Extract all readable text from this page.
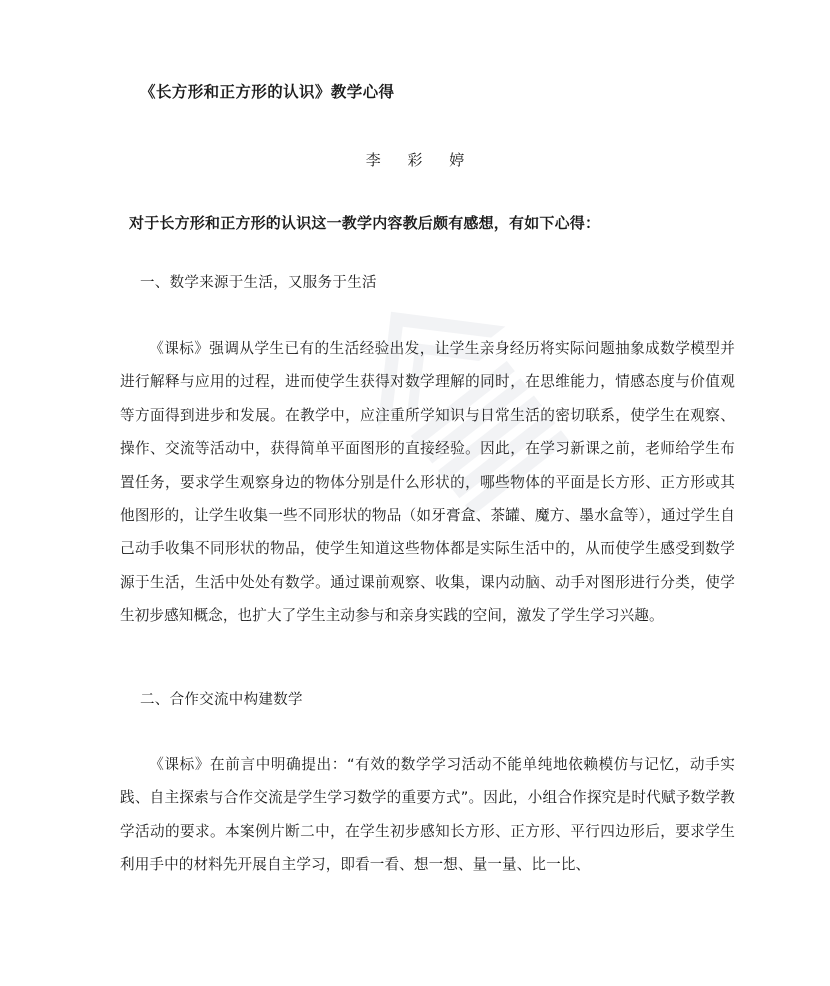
《长方形和正方形的认识》教学心得
李 彩 婷
对于长方形和正方形的认识这一教学内容教后颇有感想，有如下心得：
一、数学来源于生活，又服务于生活
《课标》强调从学生已有的生活经验出发，让学生亲身经历将实际问题抽象成数学模型并进行解释与应用的过程，进而使学生获得对数学理解的同时，在思维能力，情感态度与价值观等方面得到进步和发展。在教学中，应注重所学知识与日常生活的密切联系，使学生在观察、操作、交流等活动中，获得简单平面图形的直接经验。因此，在学习新课之前，老师给学生布置任务，要求学生观察身边的物体分别是什么形状的，哪些物体的平面是长方形、正方形或其他图形的，让学生收集一些不同形状的物品（如牙膏盒、茶罐、魔方、墨水盒等），通过学生自己动手收集不同形状的物品，使学生知道这些物体都是实际生活中的，从而使学生感受到数学源于生活，生活中处处有数学。通过课前观察、收集，课内动脑、动手对图形进行分类，使学生初步感知概念，也扩大了学生主动参与和亲身实践的空间，激发了学生学习兴趣。
二、合作交流中构建数学
《课标》在前言中明确提出：“有效的数学学习活动不能单纯地依赖模仿与记忆，动手实践、自主探索与合作交流是学生学习数学的重要方式”。因此，小组合作探究是时代赋予数学教学活动的要求。本案例片断二中，在学生初步感知长方形、正方形、平行四边形后，要求学生利用手中的材料先开展自主学习，即看一看、想一想、量一量、比一比、
